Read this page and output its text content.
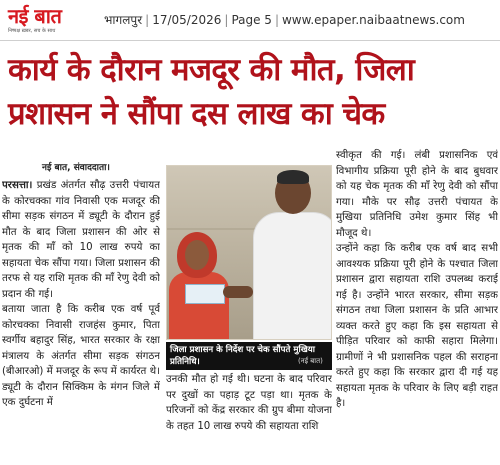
नई बात
निष्पक्ष ख़बर, सच के साथ
भागलपुर | 17/05/2026 | Page 5 | www.epaper.naibaatnews.com
कार्य के दौरान मजदूर की मौत, जिला
प्रशासन ने सौंपा दस लाख का चेक
नई बात, संवाददाता।

परसत्ता। प्रखंड अंतर्गत सौढ़ उत्तरी पंचायत के कोरचक्का गांव निवासी एक मजदूर की सीमा सड़क संगठन में ड्यूटी के दौरान हुई मौत के बाद जिला प्रशासन की ओर से मृतक की माँ को 10 लाख रुपये का सहायता चेक सौंपा गया। जिला प्रशासन की तरफ से यह राशि मृतक की माँ रेणु देवी को प्रदान की गई।

बताया जाता है कि करीब एक वर्ष पूर्व कोरचक्का निवासी राजहंस कुमार, पिता स्वर्गीय बहादुर सिंह, भारत सरकार के रक्षा मंत्रालय के अंतर्गत सीमा सड़क संगठन (बीआरओ) में मजदूर के रूप में कार्यरत थे। ड्यूटी के दौरान सिक्किम के मंगन जिले में एक दुर्घटना में

जिला प्रशासन के निर्देश पर चेक सौंपते मुखिया प्रतिनिधि।	(नई बात)

उनकी मौत हो गई थी। घटना के बाद परिवार पर दुखों का पहाड़ टूट पड़ा था। मृतक के परिजनों को केंद्र सरकार की ग्रुप बीमा योजना के तहत 10 लाख रुपये की सहायता राशि

स्वीकृत की गई। लंबी प्रशासनिक एवं विभागीय प्रक्रिया पूरी होने के बाद बुधवार को यह चेक मृतक की माँ रेणु देवी को सौंपा गया। मौके पर सौढ़ उत्तरी पंचायत के मुखिया प्रतिनिधि उमेश कुमार सिंह भी मौजूद थे।

उन्होंने कहा कि करीब एक वर्ष बाद सभी आवश्यक प्रक्रिया पूरी होने के पश्चात जिला प्रशासन द्वारा सहायता राशि उपलब्ध कराई गई है। उन्होंने भारत सरकार, सीमा सड़क संगठन तथा जिला प्रशासन के प्रति आभार व्यक्त करते हुए कहा कि इस सहायता से पीड़ित परिवार को काफी सहारा मिलेगा। ग्रामीणों ने भी प्रशासनिक पहल की सराहना करते हुए कहा कि सरकार द्वारा दी गई यह सहायता मृतक के परिवार के लिए बड़ी राहत है।
